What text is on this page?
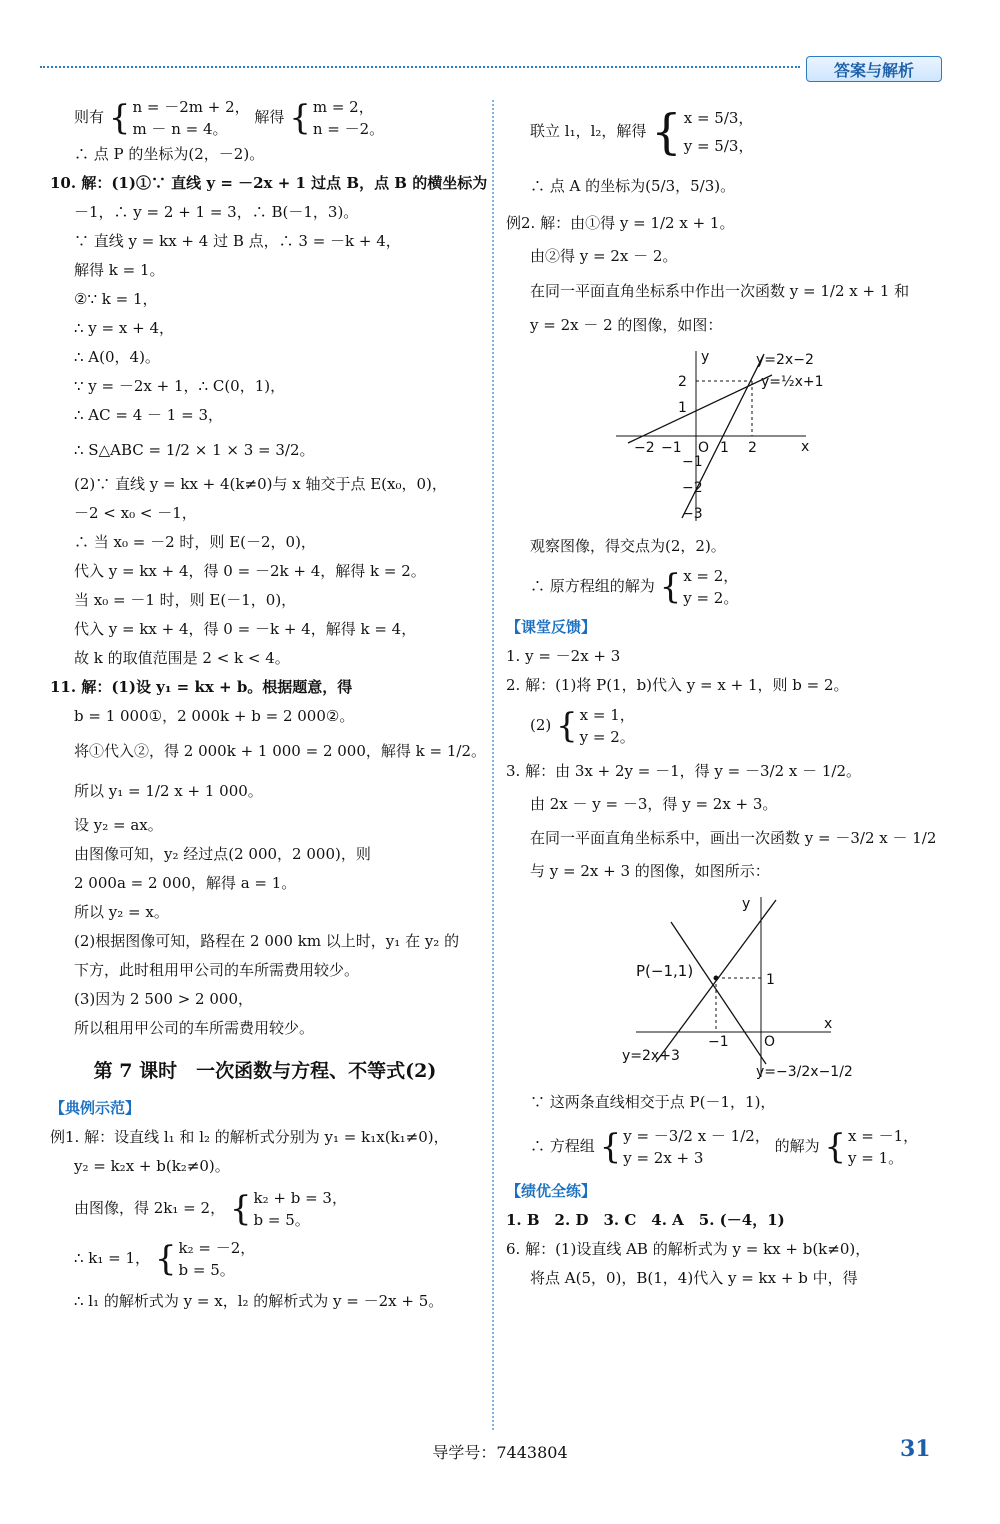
答案与解析
则有 { n = －2m + 2，
m － n = 4。
解得 { m = 2，
n = －2。
∴ 点 P 的坐标为(2，－2)。
10. 解：(1)①∵ 直线 y = －2x + 1 过点 B，点 B 的横坐标为
－1，∴ y = 2 + 1 = 3，∴ B(－1，3)。
∵ 直线 y = kx + 4 过 B 点，∴ 3 = －k + 4，
解得 k = 1。
②∵ k = 1，
∴ y = x + 4，
∴ A(0，4)。
∵ y = －2x + 1，∴ C(0，1)，
∴ AC = 4 － 1 = 3，
∴ S△ABC = 1/2 × 1 × 3 = 3/2。
(2)∵ 直线 y = kx + 4(k≠0)与 x 轴交于点 E(x₀，0)，
－2 < x₀ < －1，
∴ 当 x₀ = －2 时，则 E(－2，0)，
代入 y = kx + 4，得 0 = －2k + 4，解得 k = 2。
当 x₀ = －1 时，则 E(－1，0)，
代入 y = kx + 4，得 0 = －k + 4，解得 k = 4，
故 k 的取值范围是 2 < k < 4。
11. 解：(1)设 y₁ = kx + b。根据题意，得
b = 1 000①，2 000k + b = 2 000②。
将①代入②，得 2 000k + 1 000 = 2 000，解得 k = 1/2。
所以 y₁ = 1/2 x + 1 000。
设 y₂ = ax。
由图像可知，y₂ 经过点(2 000，2 000)，则
2 000a = 2 000，解得 a = 1。
所以 y₂ = x。
(2)根据图像可知，路程在 2 000 km 以上时，y₁ 在 y₂ 的
下方，此时租用甲公司的车所需费用较少。
(3)因为 2 500 > 2 000，
所以租用甲公司的车所需费用较少。
第 7 课时　一次函数与方程、不等式(2)
【典例示范】
例1. 解：设直线 l₁ 和 l₂ 的解析式分别为 y₁ = k₁x(k₁≠0)，
y₂ = k₂x + b(k₂≠0)。
由图像，得 2k₁ = 2， { k₂ + b = 3，
b = 5。
∴ k₁ = 1， { k₂ = －2，
b = 5。
∴ l₁ 的解析式为 y = x，l₂ 的解析式为 y = －2x + 5。
联立 l₁，l₂，解得 { x = 5/3，
y = 5/3，
∴ 点 A 的坐标为(5/3，5/3)。
例2. 解：由①得 y = 1/2 x + 1。
由②得 y = 2x － 2。
在同一平面直角坐标系中作出一次函数 y = 1/2 x + 1 和
y = 2x － 2 的图像，如图：
x
y
O
−2 −1	1 2
2
1
−1
−2
−3
y=2x−2
y=½x+1
观察图像，得交点为(2，2)。
∴ 原方程组的解为 { x = 2，
y = 2。
【课堂反馈】
1. y = －2x + 3
2. 解：(1)将 P(1，b)代入 y = x + 1，则 b = 2。
(2) { x = 1，
y = 2。
3. 解：由 3x + 2y = －1，得 y = －3/2 x － 1/2。
由 2x － y = －3，得 y = 2x + 3。
在同一平面直角坐标系中，画出一次函数 y = －3/2 x － 1/2
与 y = 2x + 3 的图像，如图所示：
x
y
O
−1
1
P(−1,1)
y=2x+3
y=−3/2x−1/2
∵ 这两条直线相交于点 P(－1，1)，
∴ 方程组 { y = －3/2 x － 1/2，
y = 2x + 3
的解为 { x = －1，
y = 1。
【绩优全练】
1. B　2. D　3. C　4. A　5. (－4，1)
6. 解：(1)设直线 AB 的解析式为 y = kx + b(k≠0)，
将点 A(5，0)，B(1，4)代入 y = kx + b 中，得
导学号：7443804	31
